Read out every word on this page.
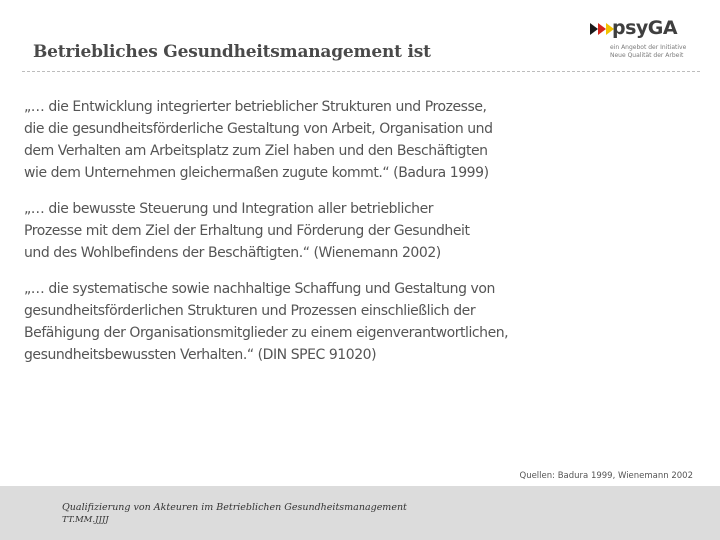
Betriebliches Gesundheitsmanagement ist
psyGA
ein Angebot der Initiative
Neue Qualität der Arbeit

„… die Entwicklung integrierter betrieblicher Strukturen und Prozesse,
die die gesundheitsförderliche Gestaltung von Arbeit, Organisation und
dem Verhalten am Arbeitsplatz zum Ziel haben und den Beschäftigten
wie dem Unternehmen gleichermaßen zugute kommt.“ (Badura 1999)

„… die bewusste Steuerung und Integration aller betrieblicher
Prozesse mit dem Ziel der Erhaltung und Förderung der Gesundheit
und des Wohlbefindens der Beschäftigten.“ (Wienemann 2002)

„… die systematische sowie nachhaltige Schaffung und Gestaltung von
gesundheitsförderlichen Strukturen und Prozessen einschließlich der
Befähigung der Organisationsmitglieder zu einem eigenverantwortlichen,
gesundheitsbewussten Verhalten.“ (DIN SPEC 91020)

Quellen: Badura 1999, Wienemann 2002
Qualifizierung von Akteuren im Betrieblichen Gesundheitsmanagement
TT.MM.JJJJ
